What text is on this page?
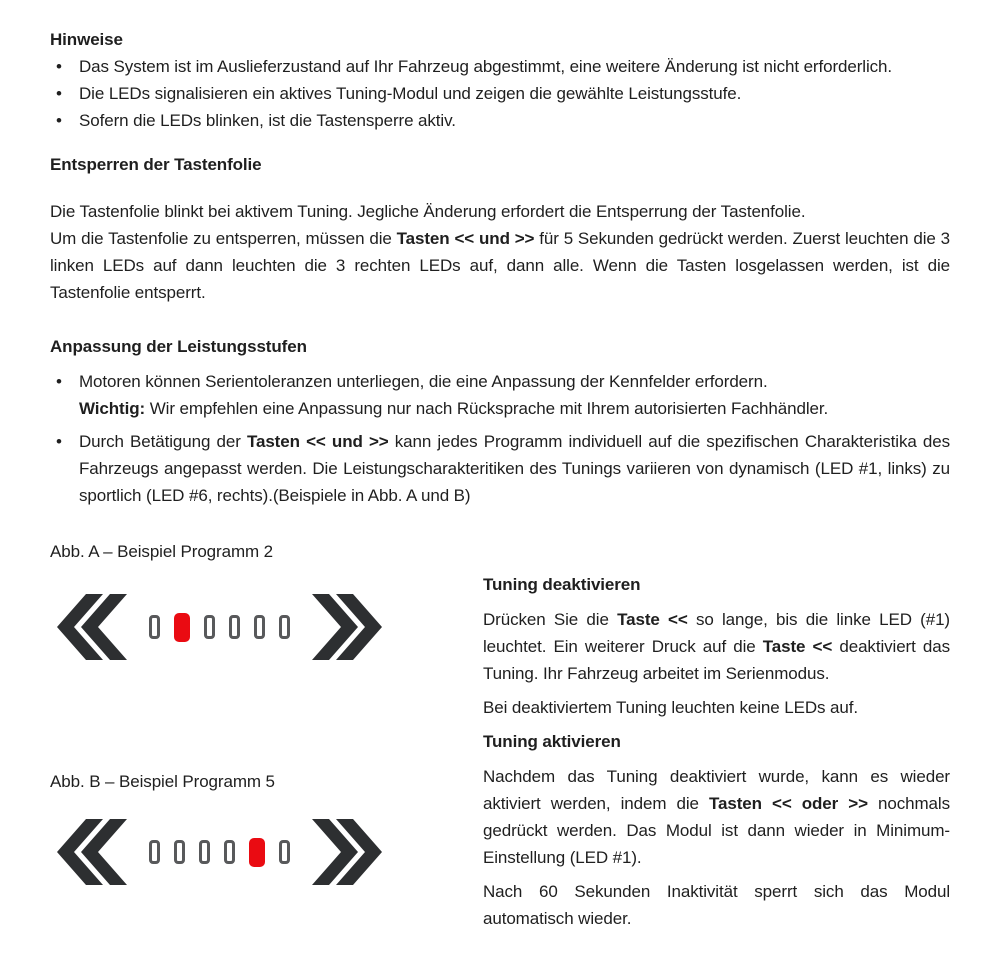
Hinweise
• Das System ist im Auslieferzustand auf Ihr Fahrzeug abgestimmt, eine weitere Änderung ist nicht erforderlich.
• Die LEDs signalisieren ein aktives Tuning-Modul und zeigen die gewählte Leistungsstufe.
• Sofern die LEDs blinken, ist die Tastensperre aktiv.
Entsperren der Tastenfolie

Die Tastenfolie blinkt bei aktivem Tuning. Jegliche Änderung erfordert die Entsperrung der Tastenfolie.

Um die Tastenfolie zu entsperren, müssen die Tasten << und >> für 5 Sekunden gedrückt werden. Zuerst leuchten die 3 linken LEDs auf dann leuchten die 3 rechten LEDs auf, dann alle. Wenn die Tasten losgelassen werden, ist die Tastenfolie entsperrt.

Anpassung der Leistungsstufen
• Motoren können Serientoleranzen unterliegen, die eine Anpassung der Kennfelder erfordern.
Wichtig: Wir empfehlen eine Anpassung nur nach Rücksprache mit Ihrem autorisierten Fachhändler.
• Durch Betätigung der Tasten << und >> kann jedes Programm individuell auf die spezifischen Charakteristika des Fahrzeugs angepasst werden. Die Leistungscharakteritiken des Tunings variieren von dynamisch (LED #1, links) zu sportlich (LED #6, rechts).(Beispiele in Abb. A und B)

Abb. A – Beispiel Programm 2

Abb. B – Beispiel Programm 5

Tuning deaktivieren

Drücken Sie die Taste << so lange, bis die linke LED (#1) leuchtet. Ein weiterer Druck auf die Taste << deaktiviert das Tuning. Ihr Fahrzeug arbeitet im Serienmodus.

Bei deaktiviertem Tuning leuchten keine LEDs auf.

Tuning aktivieren

Nachdem das Tuning deaktiviert wurde, kann es wieder aktiviert werden, indem die Tasten << oder >> nochmals gedrückt werden. Das Modul ist dann wieder in Minimum-Einstellung (LED #1).

Nach 60 Sekunden Inaktivität sperrt sich das Modul automatisch wieder.
